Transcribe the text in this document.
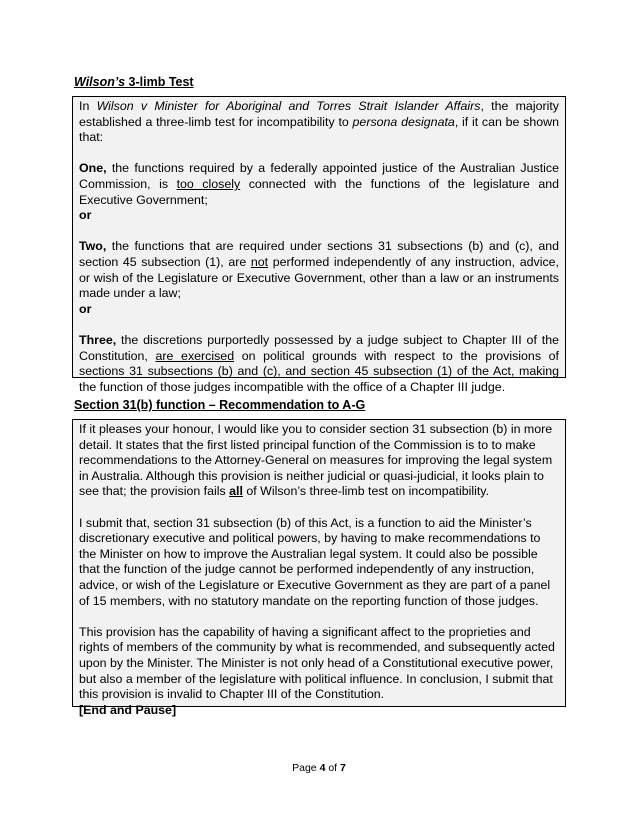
Wilson’s 3-limb Test

In Wilson v Minister for Aboriginal and Torres Strait Islander Affairs, the majority established a three-limb test for incompatibility to persona designata, if it can be shown that:

One, the functions required by a federally appointed justice of the Australian Justice Commission, is too closely connected with the functions of the legislature and Executive Government;

or

Two, the functions that are required under sections 31 subsections (b) and (c), and section 45 subsection (1), are not performed independently of any instruction, advice, or wish of the Legislature or Executive Government, other than a law or an instruments made under a law;

or

Three, the discretions purportedly possessed by a judge subject to Chapter III of the Constitution, are exercised on political grounds with respect to the provisions of sections 31 subsections (b) and (c), and section 45 subsection (1) of the Act, making the function of those judges incompatible with the office of a Chapter III judge.

Section 31(b) function – Recommendation to A-G

If it pleases your honour, I would like you to consider section 31 subsection (b) in more detail. It states that the first listed principal function of the Commission is to to make recommendations to the Attorney-General on measures for improving the legal system in Australia. Although this provision is neither judicial or quasi-judicial, it looks plain to see that; the provision fails all of Wilson’s three-limb test on incompatibility.

I submit that, section 31 subsection (b) of this Act, is a function to aid the Minister’s discretionary executive and political powers, by having to make recommendations to the Minister on how to improve the Australian legal system. It could also be possible that the function of the judge cannot be performed independently of any instruction, advice, or wish of the Legislature or Executive Government as they are part of a panel of 15 members, with no statutory mandate on the reporting function of those judges.

This provision has the capability of having a significant affect to the proprieties and rights of members of the community by what is recommended, and subsequently acted upon by the Minister. The Minister is not only head of a Constitutional executive power, but also a member of the legislature with political influence. In conclusion, I submit that this provision is invalid to Chapter III of the Constitution.

[End and Pause]

Page 4 of 7
